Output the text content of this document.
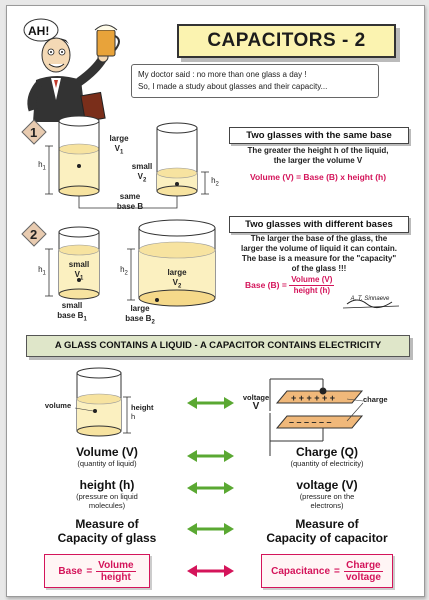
CAPACITORS - 2
AH!
My doctor said : no more than one glass a day !
So, I made a study about glasses and their capacity...
1
2
large
$V_1$
small
$V_2$
$h_1$
$h_2$
same
base B
Two glasses with the same base
The greater the height h of the liquid,
the larger the volume V
Volume (V) = Base (B) x height (h)
small
$V_1$
large
$V_2$
$h_1$	$h_2$
small
base $B_1$
large
base $B_2$
Two glasses with different bases
The larger the base of the glass, the
larger the volume of liquid it can contain.
The base is a measure for the "capacity"
of the glass !!!
Base $(B) = \frac{\text{Volume (V)}}{\text{height (h)}}$
A. T. Sinnaeve
A GLASS CONTAINS A LIQUID - A CAPACITOR CONTAINS ELECTRICITY
+ + + + + +
– – – – – –
volume	height
h
voltage
V
charge
Volume (V)
(quantity of liquid)
Charge (Q)
(quantity of electricity)
height (h)
(pressure on liquid
molecules)
voltage (V)
(pressure on the
electrons)
Measure of
Capacity of glass
Measure of
Capacity of capacitor
Base = $\frac{\text{Volume}}{\text{height}}$	Capacitance = $\frac{\text{Charge}}{\text{voltage}}$
